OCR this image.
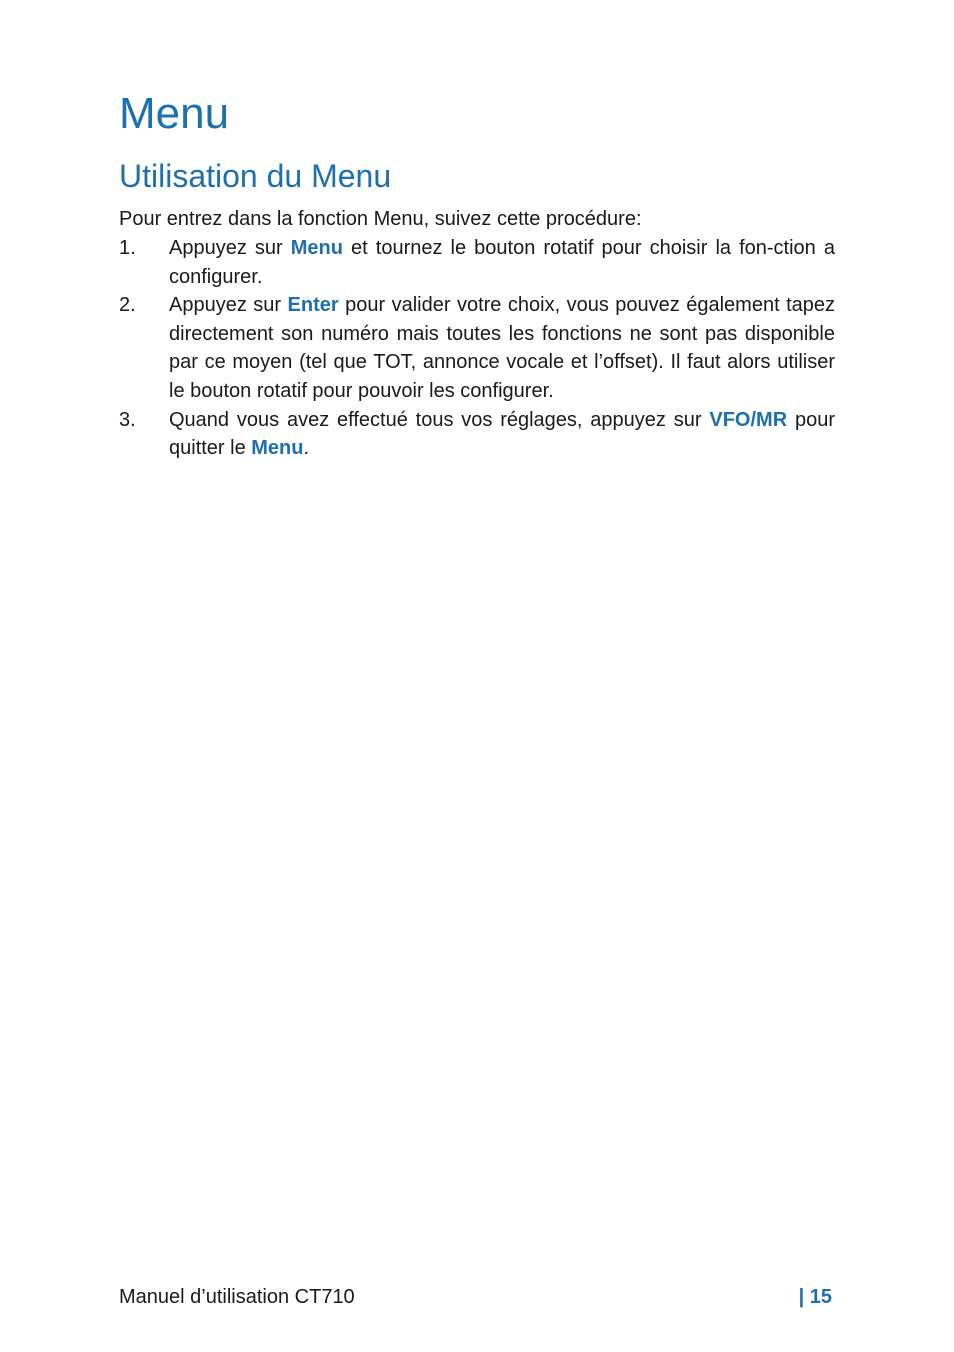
Menu
Utilisation du Menu

Pour entrez dans la fonction Menu, suivez cette procédure:

1. Appuyez sur Menu et tournez le bouton rotatif pour choisir la fon-ction a configurer.
2. Appuyez sur Enter pour valider votre choix, vous pouvez également tapez directement son numéro mais toutes les fonctions ne sont pas disponible par ce moyen (tel que TOT, annonce vocale et l’offset). Il faut alors utiliser le bouton rotatif pour pouvoir les configurer.
3. Quand vous avez effectué tous vos réglages, appuyez sur VFO/MR pour quitter le Menu.
Manuel d’utilisation CT710	| 15
